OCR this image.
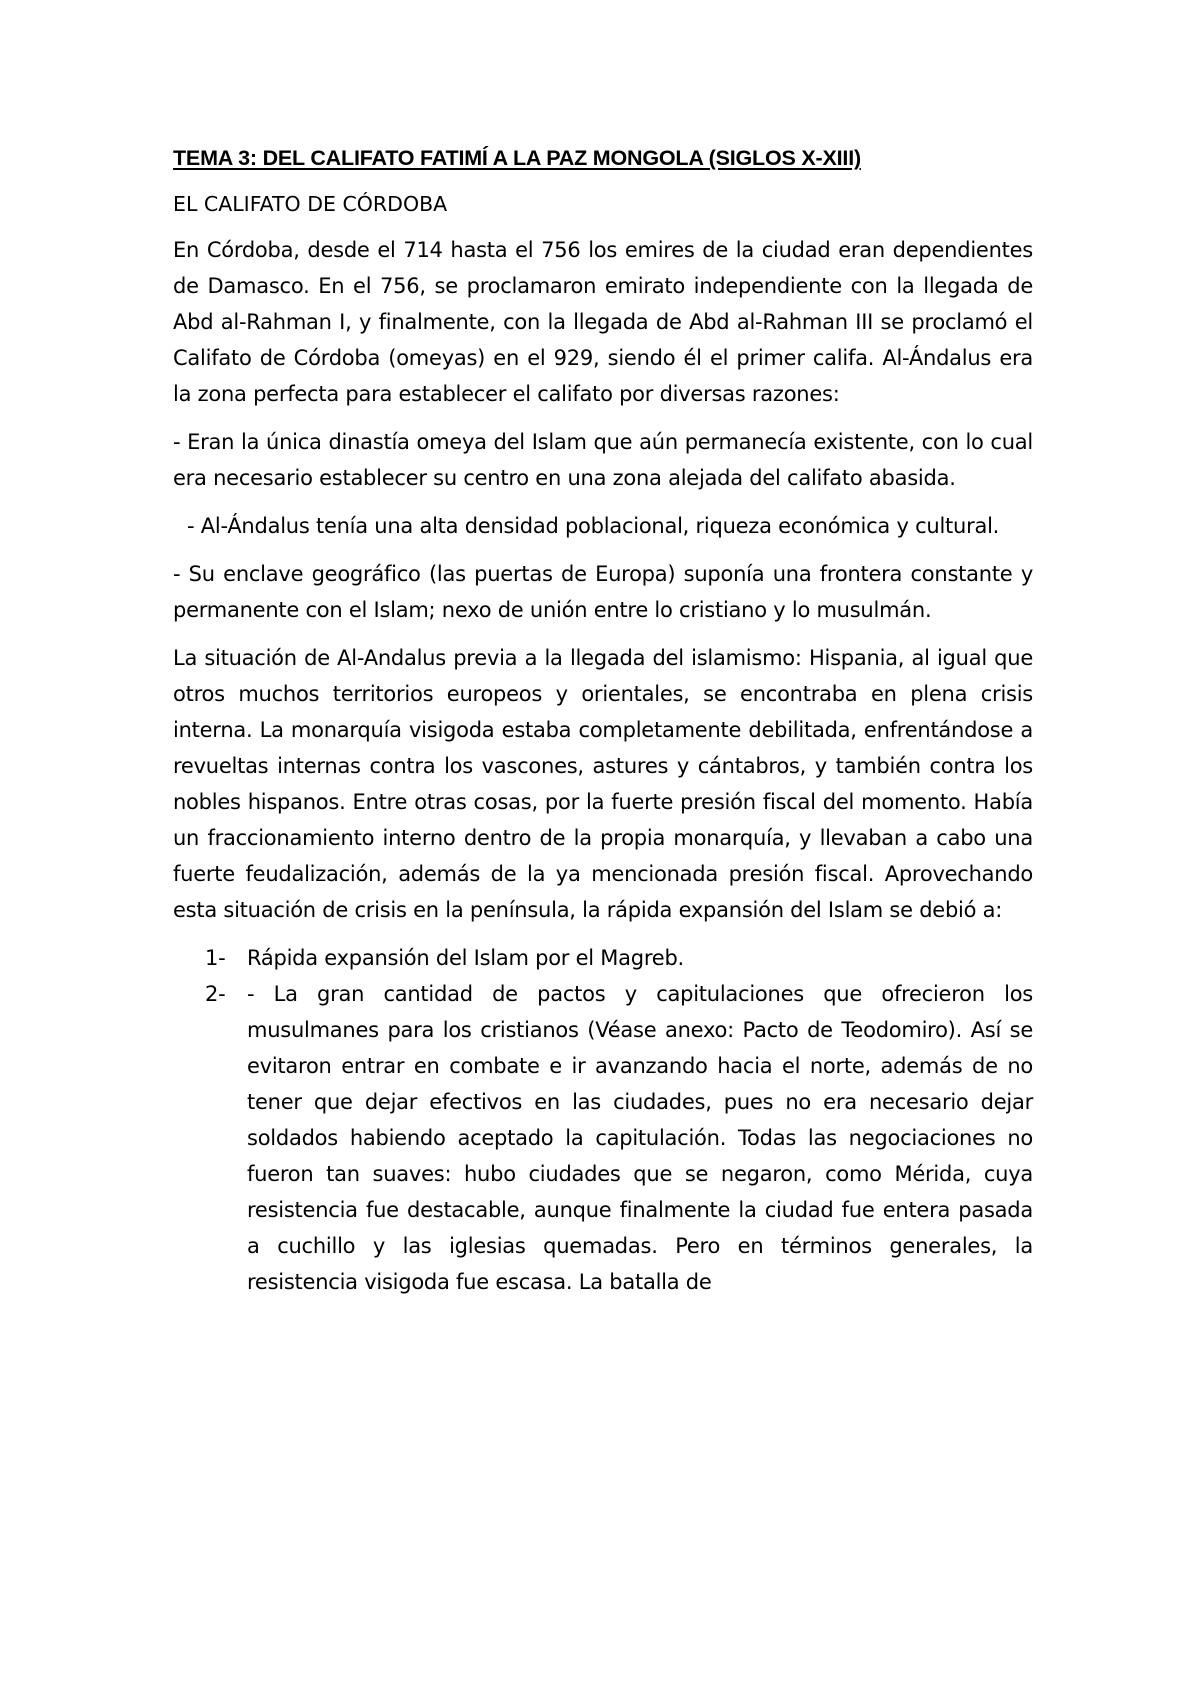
TEMA 3: DEL CALIFATO FATIMÍ A LA PAZ MONGOLA (SIGLOS X-XIII)
EL CALIFATO DE CÓRDOBA

En Córdoba, desde el 714 hasta el 756 los emires de la ciudad eran dependientes de Damasco. En el 756, se proclamaron emirato independiente con la llegada de Abd al-Rahman I, y finalmente, con la llegada de Abd al-Rahman III se proclamó el Califato de Córdoba (omeyas) en el 929, siendo él el primer califa. Al-Ándalus era la zona perfecta para establecer el califato por diversas razones:

- Eran la única dinastía omeya del Islam que aún permanecía existente, con lo cual era necesario establecer su centro en una zona alejada del califato abasida.

- Al-Ándalus tenía una alta densidad poblacional, riqueza económica y cultural.

- Su enclave geográfico (las puertas de Europa) suponía una frontera constante y permanente con el Islam; nexo de unión entre lo cristiano y lo musulmán.

La situación de Al-Andalus previa a la llegada del islamismo: Hispania, al igual que otros muchos territorios europeos y orientales, se encontraba en plena crisis interna. La monarquía visigoda estaba completamente debilitada, enfrentándose a revueltas internas contra los vascones, astures y cántabros, y también contra los nobles hispanos. Entre otras cosas, por la fuerte presión fiscal del momento. Había un fraccionamiento interno dentro de la propia monarquía, y llevaban a cabo una fuerte feudalización, además de la ya mencionada presión fiscal. Aprovechando esta situación de crisis en la península, la rápida expansión del Islam se debió a:

1- Rápida expansión del Islam por el Magreb.
2- - La gran cantidad de pactos y capitulaciones que ofrecieron los musulmanes para los cristianos (Véase anexo: Pacto de Teodomiro). Así se evitaron entrar en combate e ir avanzando hacia el norte, además de no tener que dejar efectivos en las ciudades, pues no era necesario dejar soldados habiendo aceptado la capitulación. Todas las negociaciones no fueron tan suaves: hubo ciudades que se negaron, como Mérida, cuya resistencia fue destacable, aunque finalmente la ciudad fue entera pasada a cuchillo y las iglesias quemadas. Pero en términos generales, la resistencia visigoda fue escasa. La batalla de
